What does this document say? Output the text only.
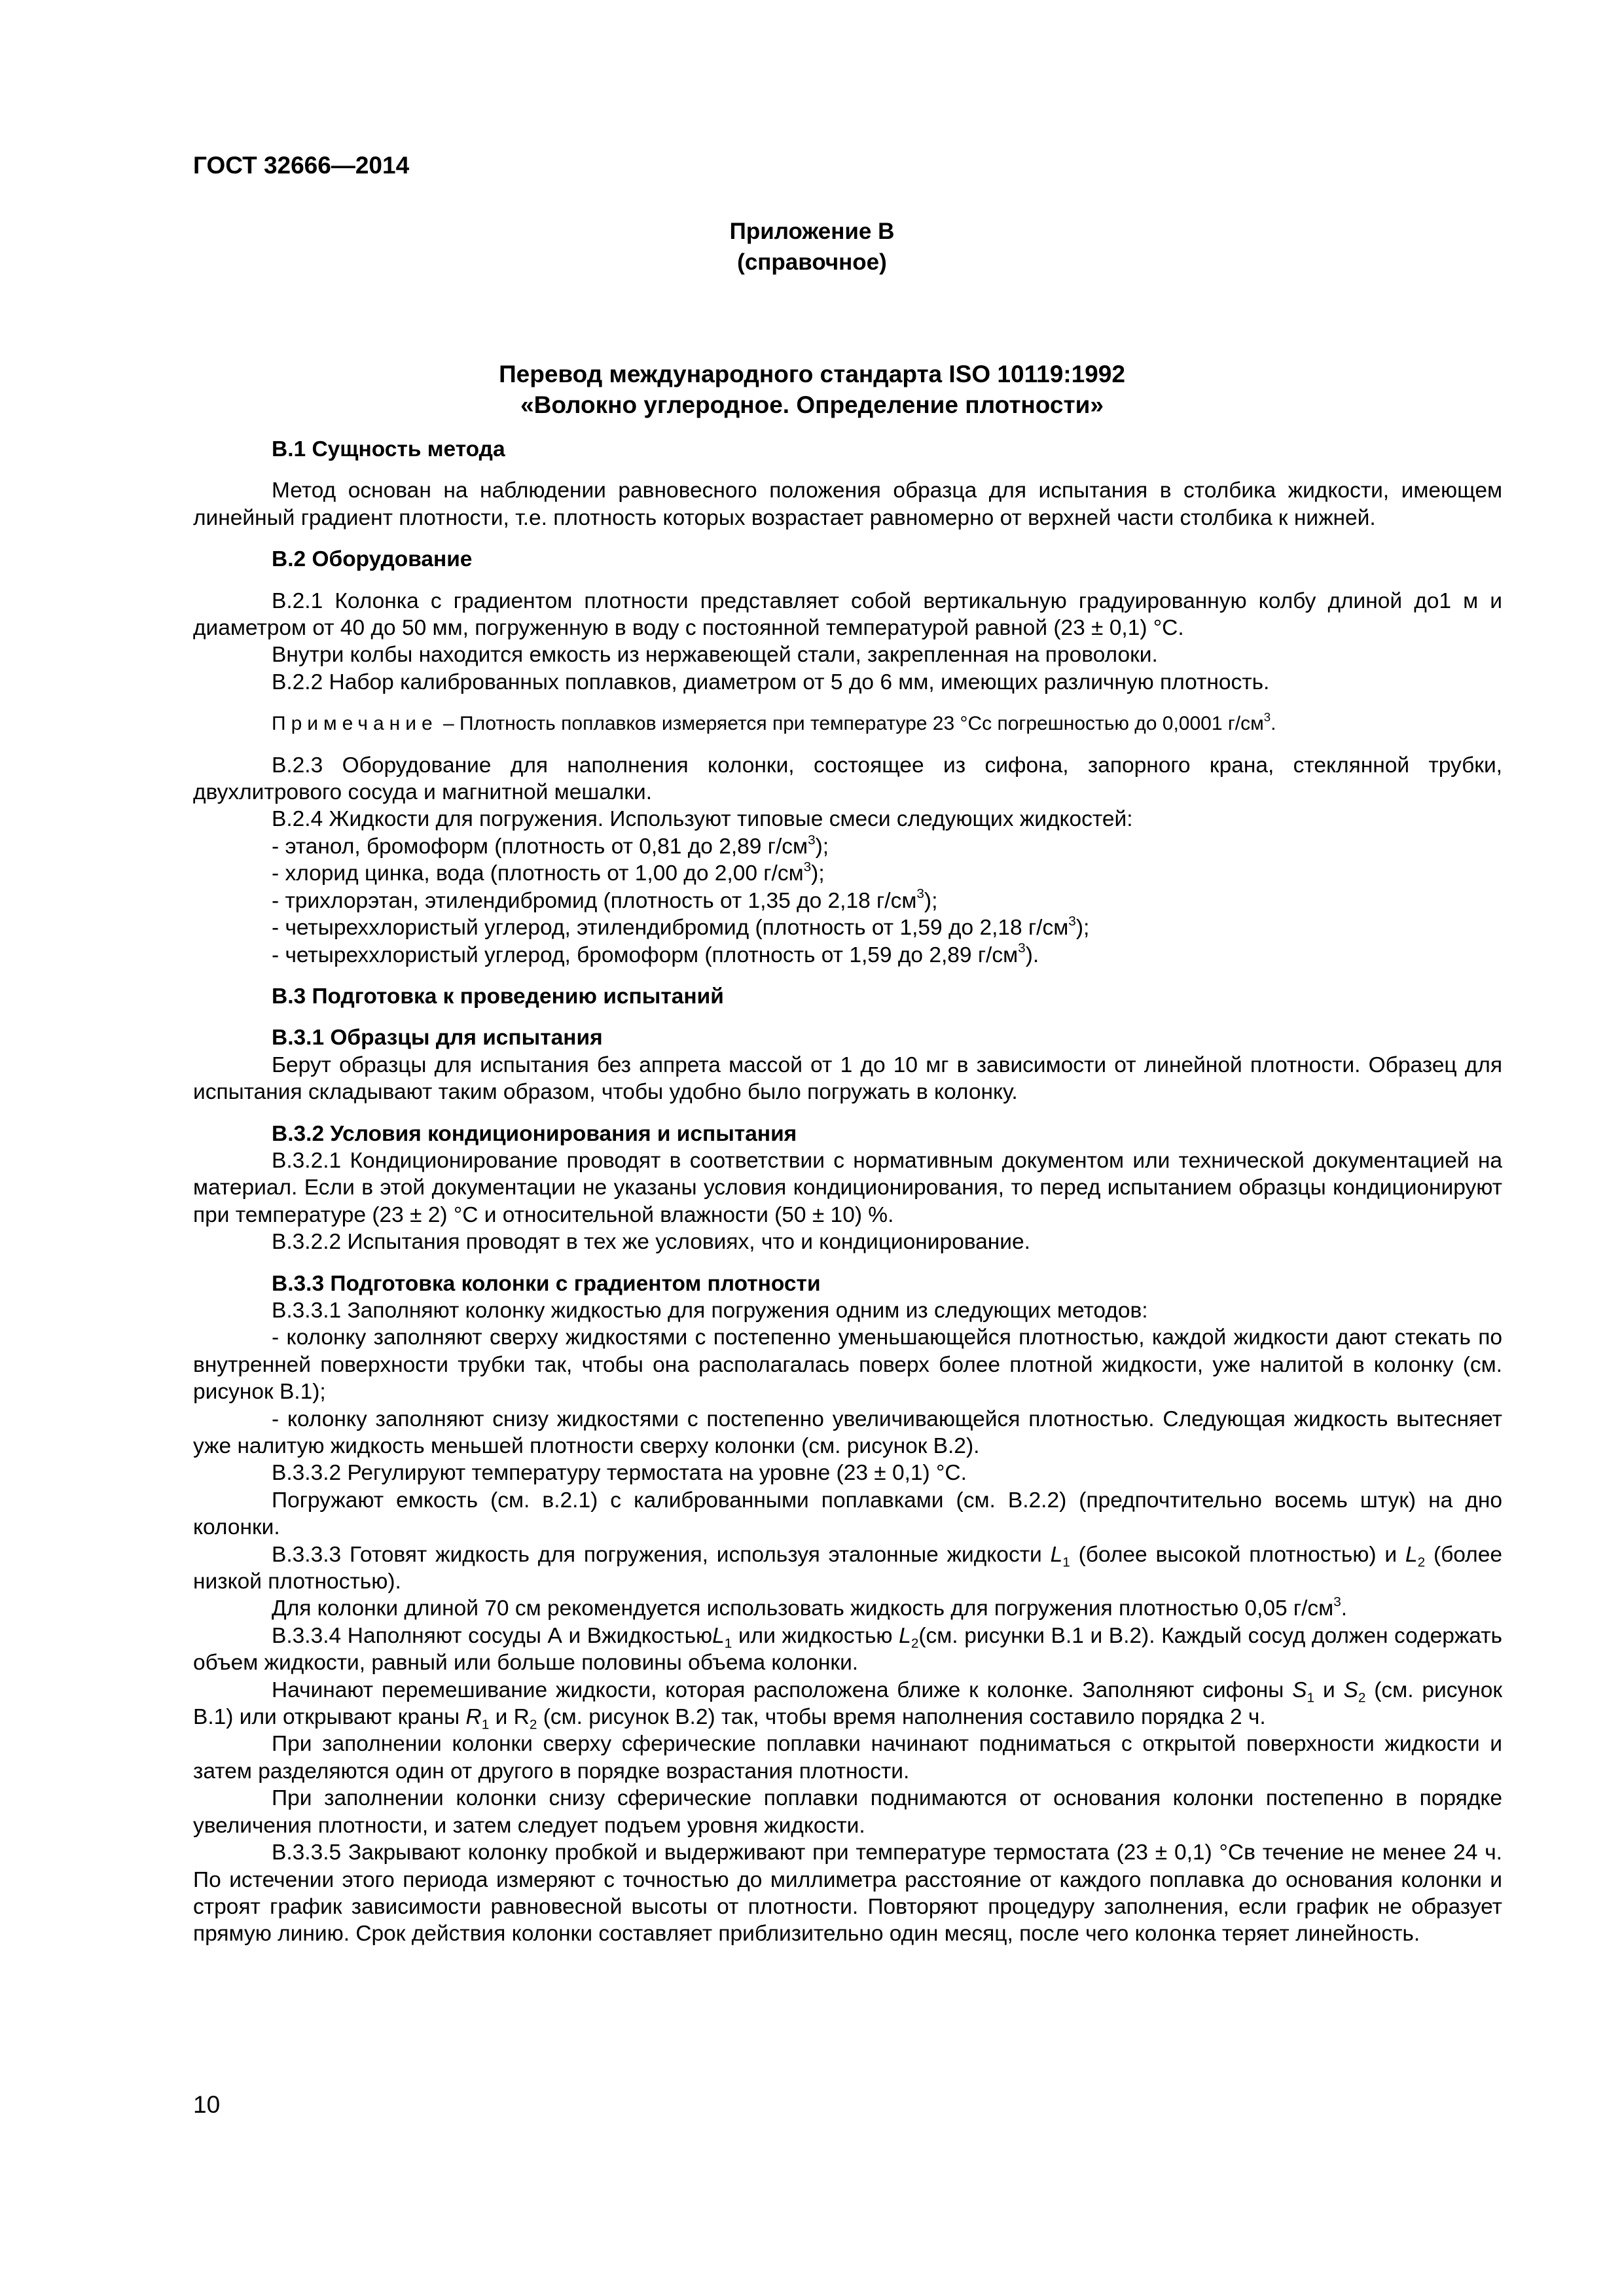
ГОСТ 32666—2014
Приложение В
(справочное)
Перевод международного стандарта ISO 10119:1992
«Волокно углеродное. Определение плотности»

В.1 Сущность метода

Метод основан на наблюдении равновесного положения образца для испытания в столбика жидкости, имеющем линейный градиент плотности, т.е. плотность которых возрастает равномерно от верхней части столбика к нижней.

В.2 Оборудование

В.2.1 Колонка с градиентом плотности представляет собой вертикальную градуированную колбу длиной до1 м и диаметром от 40 до 50 мм, погруженную в воду с постоянной температурой равной (23 ± 0,1) °С.

Внутри колбы находится емкость из нержавеющей стали, закрепленная на проволоки.

В.2.2 Набор калиброванных поплавков, диаметром от 5 до 6 мм, имеющих различную плотность.

Примечание – Плотность поплавков измеряется при температуре 23 °Сс погрешностью до 0,0001 $г/см^3$.

В.2.3 Оборудование для наполнения колонки, состоящее из сифона, запорного крана, стеклянной трубки, двухлитрового сосуда и магнитной мешалки.

В.2.4 Жидкости для погружения. Используют типовые смеси следующих жидкостей:

- этанол, бромоформ (плотность от 0,81 до 2,89 $г/см^3$);

- хлорид цинка, вода (плотность от 1,00 до 2,00 $г/см^3$);

- трихлорэтан, этилендибромид (плотность от 1,35 до 2,18 $г/см^3$);

- четыреххлористый углерод, этилендибромид (плотность от 1,59 до 2,18 $г/см^3$);

- четыреххлористый углерод, бромоформ (плотность от 1,59 до 2,89 $г/см^3$).

В.3 Подготовка к проведению испытаний

В.3.1 Образцы для испытания

Берут образцы для испытания без аппрета массой от 1 до 10 мг в зависимости от линейной плотности. Образец для испытания складывают таким образом, чтобы удобно было погружать в колонку.

В.3.2 Условия кондиционирования и испытания

В.3.2.1 Кондиционирование проводят в соответствии с нормативным документом или технической документацией на материал. Если в этой документации не указаны условия кондиционирования, то перед испытанием образцы кондиционируют при температуре (23 ± 2) °С и относительной влажности (50 ± 10) %.

В.3.2.2 Испытания проводят в тех же условиях, что и кондиционирование.

В.3.3 Подготовка колонки с градиентом плотности

В.3.3.1 Заполняют колонку жидкостью для погружения одним из следующих методов:

- колонку заполняют сверху жидкостями с постепенно уменьшающейся плотностью, каждой жидкости дают стекать по внутренней поверхности трубки так, чтобы она располагалась поверх более плотной жидкости, уже налитой в колонку (см. рисунок В.1);

- колонку заполняют снизу жидкостями с постепенно увеличивающейся плотностью. Следующая жидкость вытесняет уже налитую жидкость меньшей плотности сверху колонки (см. рисунок В.2).

В.3.3.2 Регулируют температуру термостата на уровне (23 ± 0,1) °С.

Погружают емкость (см. в.2.1) с калиброванными поплавками (см. В.2.2) (предпочтительно восемь штук) на дно колонки.

В.3.3.3 Готовят жидкость для погружения, используя эталонные жидкости $L_1$ (более высокой плотностью) и $L_2$ (более низкой плотностью).

Для колонки длиной 70 см рекомендуется использовать жидкость для погружения плотностью 0,05 $г/см^3$.

В.3.3.4 Наполняют сосуды А и ВжидкостьюL$_1$ или жидкостью $L_2(см$. рисунки В.1 и В.2). Каждый сосуд должен содержать объем жидкости, равный или больше половины объема колонки.

Начинают перемешивание жидкости, которая расположена ближе к колонке. Заполняют сифоны $S_1$ и $S_2$ (см. рисунок В.1) или открывают краны $R_1$ и $R_2$ (см. рисунок В.2) так, чтобы время наполнения составило порядка 2 ч.

При заполнении колонки сверху сферические поплавки начинают подниматься с открытой поверхности жидкости и затем разделяются один от другого в порядке возрастания плотности.

При заполнении колонки снизу сферические поплавки поднимаются от основания колонки постепенно в порядке увеличения плотности, и затем следует подъем уровня жидкости.

В.3.3.5 Закрывают колонку пробкой и выдерживают при температуре термостата (23 ± 0,1) °Св течение не менее 24 ч. По истечении этого периода измеряют с точностью до миллиметра расстояние от каждого поплавка до основания колонки и строят график зависимости равновесной высоты от плотности. Повторяют процедуру заполнения, если график не образует прямую линию. Срок действия колонки составляет приблизительно один месяц, после чего колонка теряет линейность.

10
